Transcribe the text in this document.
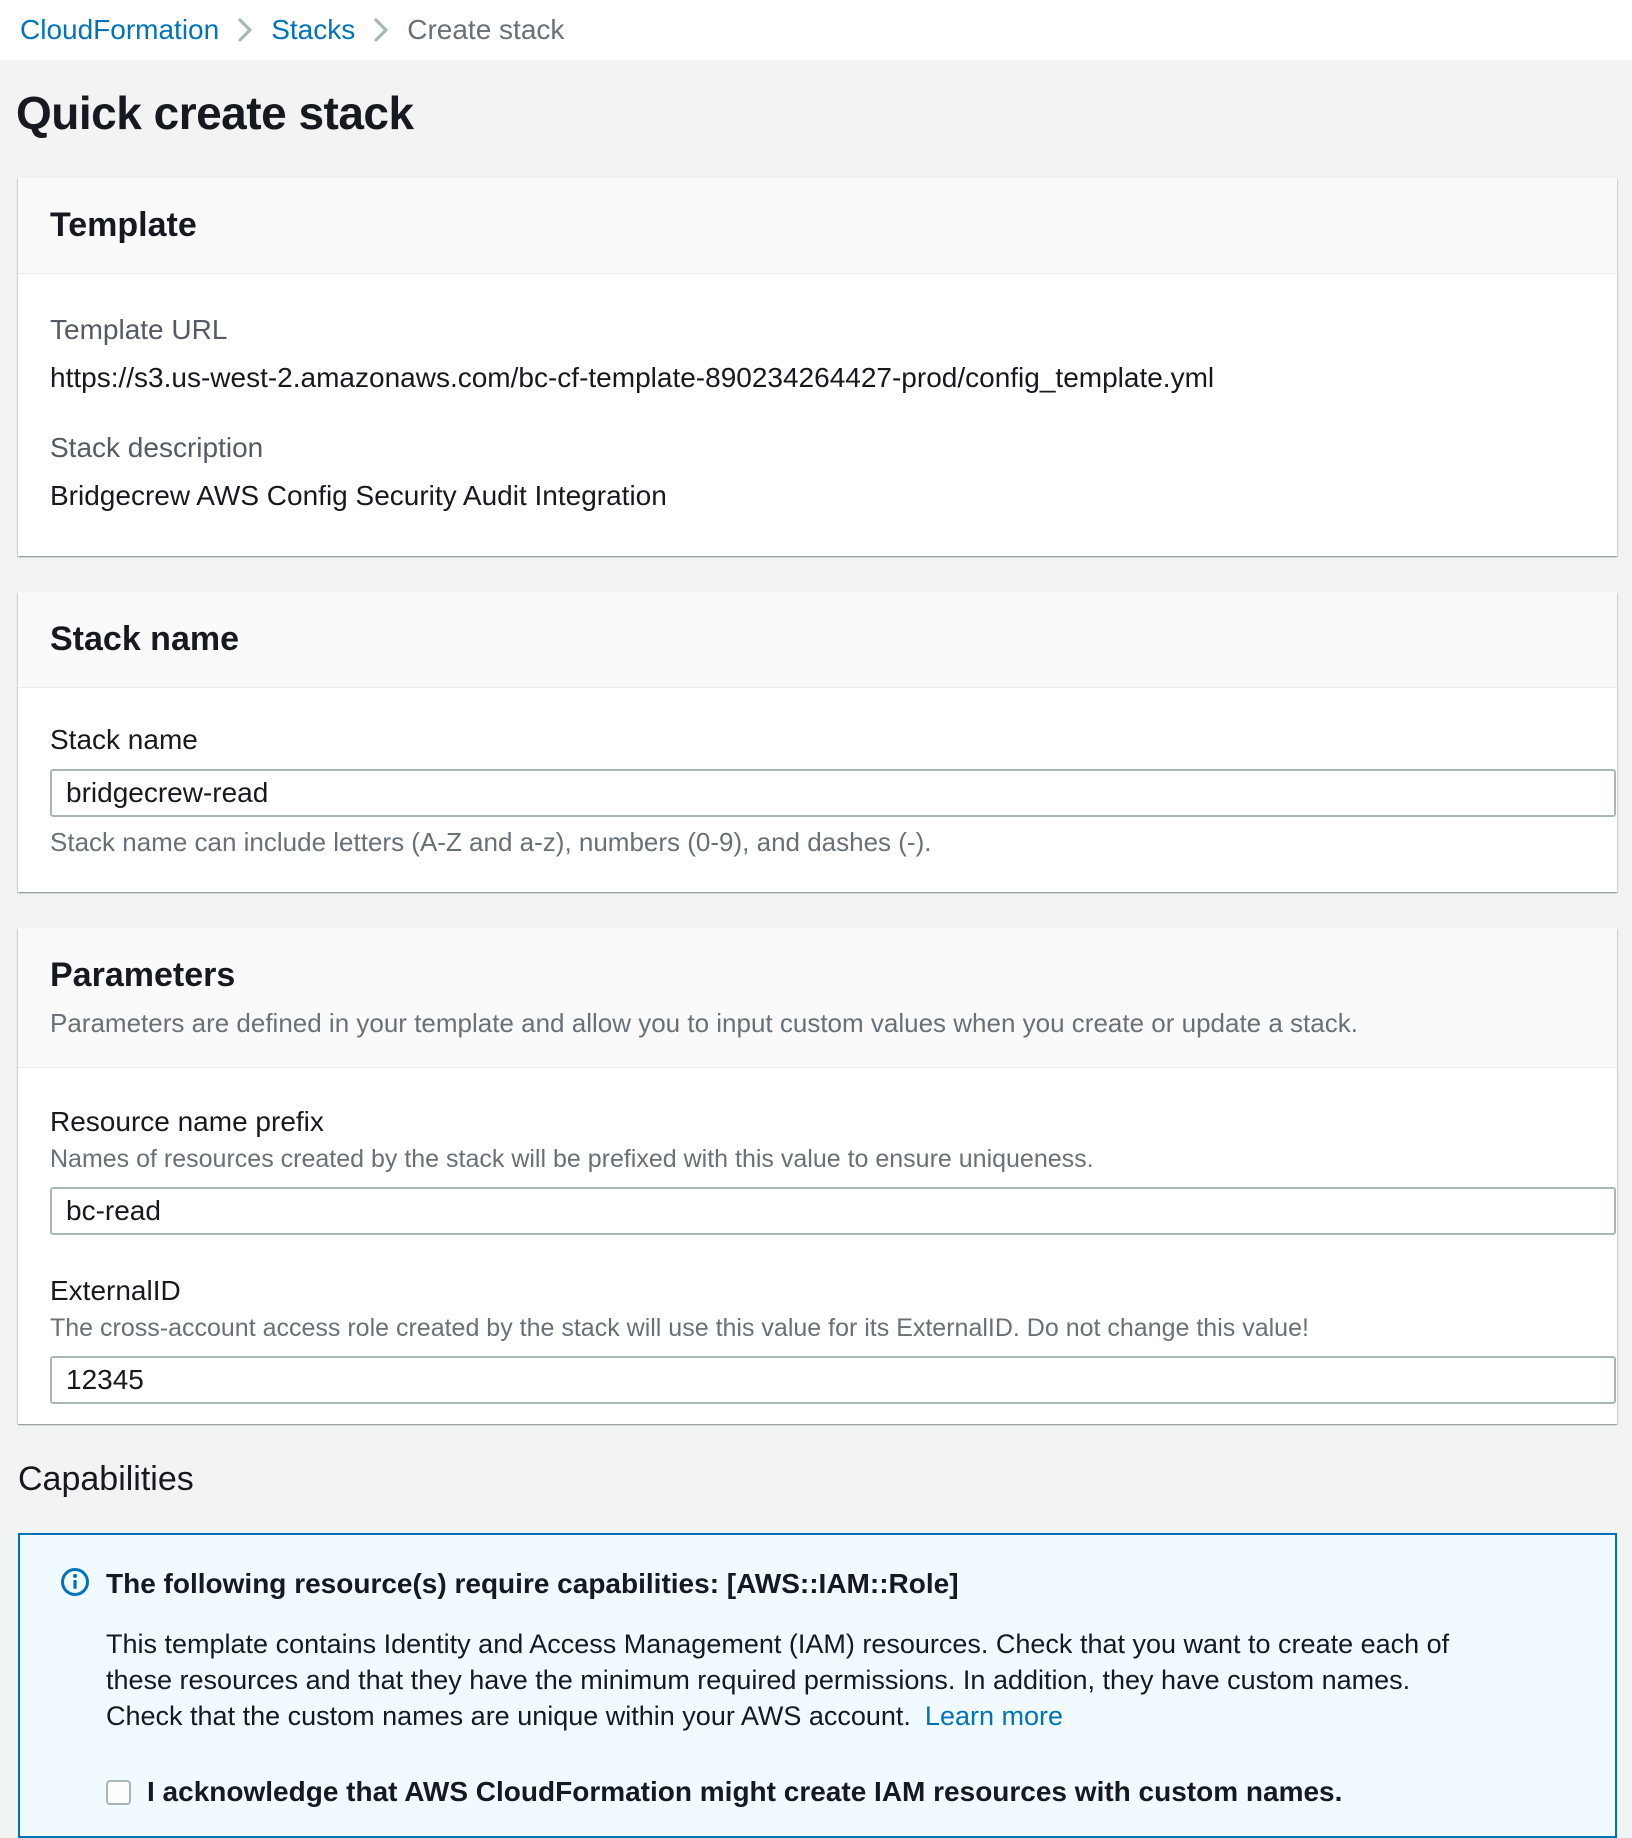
CloudFormation Stacks Create stack
Quick create stack
Template
Template URL
https://s3.us-west-2.amazonaws.com/bc-cf-template-890234264427-prod/config_template.yml
Stack description
Bridgecrew AWS Config Security Audit Integration
Stack name
Stack name
bridgecrew-read
Stack name can include letters (A-Z and a-z), numbers (0-9), and dashes (-).
Parameters
Parameters are defined in your template and allow you to input custom values when you create or update a stack.
Resource name prefix
Names of resources created by the stack will be prefixed with this value to ensure uniqueness.
bc-read
ExternalID
The cross-account access role created by the stack will use this value for its ExternalID. Do not change this value!
12345
Capabilities
The following resource(s) require capabilities: [AWS::IAM::Role]
This template contains Identity and Access Management (IAM) resources. Check that you want to create each of these resources and that they have the minimum required permissions. In addition, they have custom names. Check that the custom names are unique within your AWS account. Learn more
I acknowledge that AWS CloudFormation might create IAM resources with custom names.
